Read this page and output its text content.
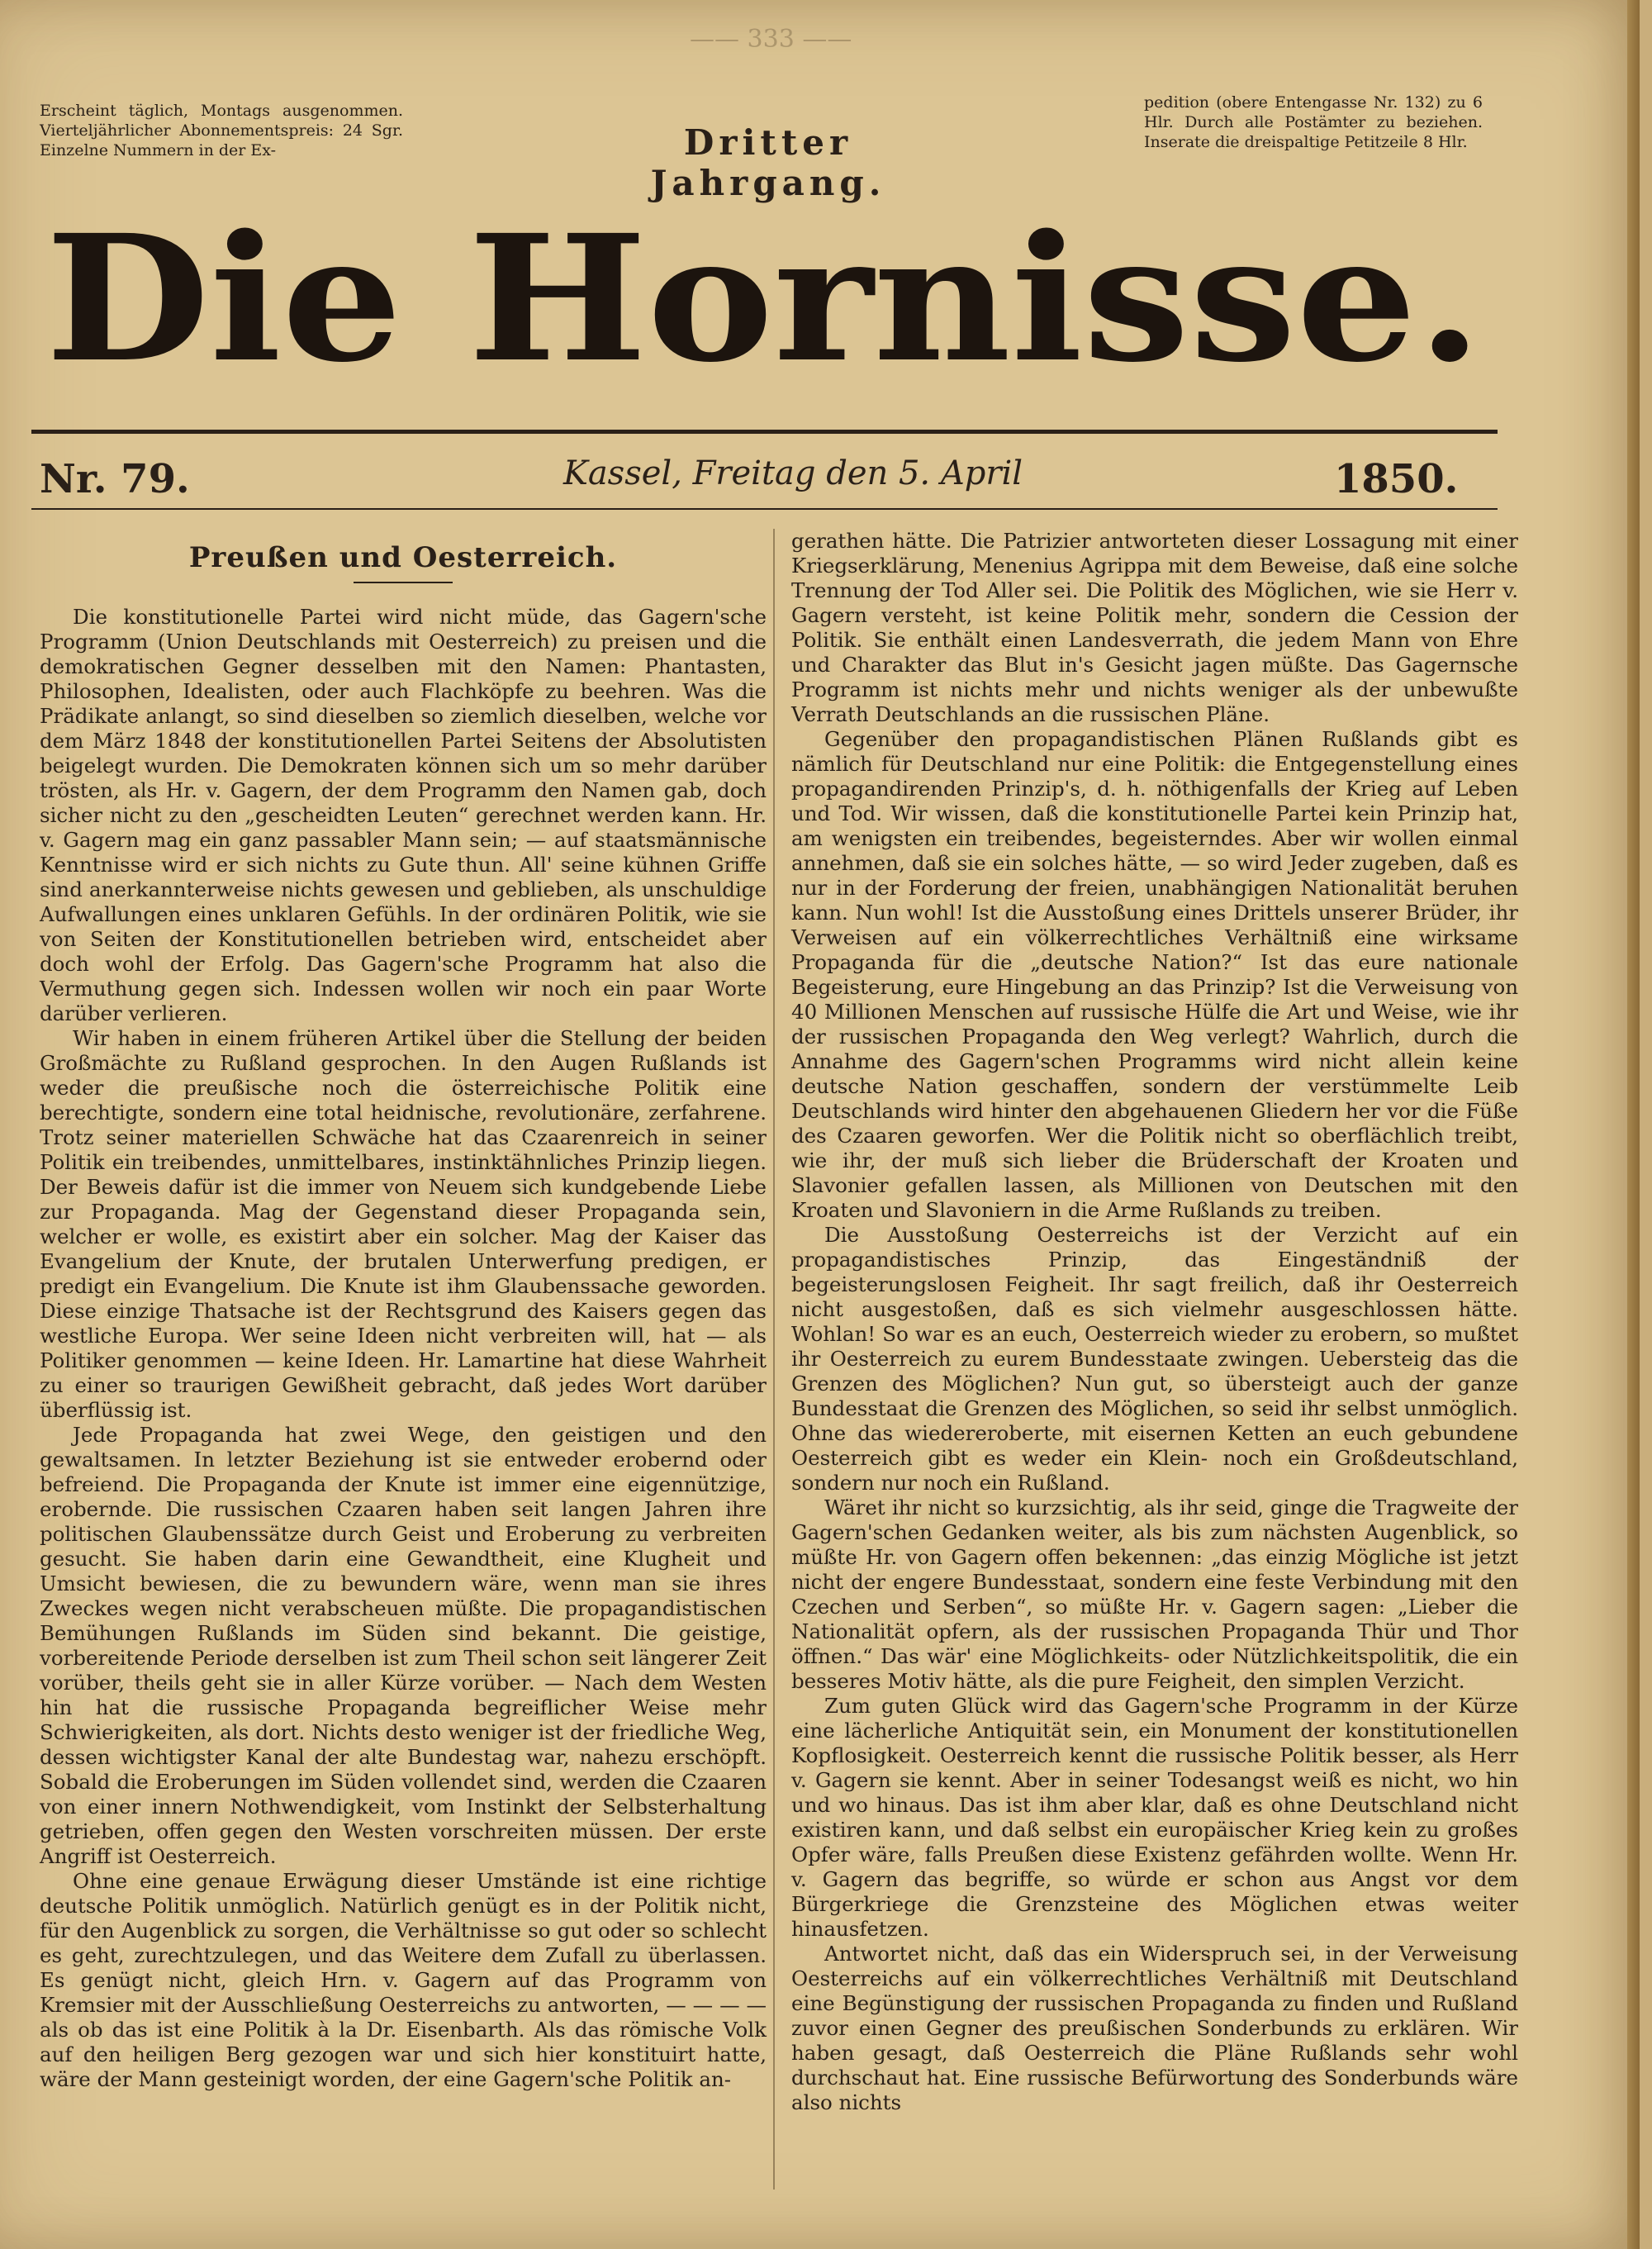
—— 333 ——
Erscheint täglich, Montags ausgenommen. Vierteljährlicher Abonnementspreis: 24 Sgr. Einzelne Nummern in der Ex-	Dritter Jahrgang.
pedition (obere Entengasse Nr. 132) zu 6 Hlr. Durch alle Postämter zu beziehen. Inserate die dreispaltige Petitzeile 8 Hlr.
Die Hornisse.
Nr. 79.	Kassel, Freitag den 5. April	1850.
Preußen und Oesterreich.

Die konstitutionelle Partei wird nicht müde, das Gagern'sche Programm (Union Deutschlands mit Oesterreich) zu preisen und die demokratischen Gegner desselben mit den Namen: Phantasten, Philosophen, Idealisten, oder auch Flachköpfe zu beehren. Was die Prädikate anlangt, so sind dieselben so ziemlich dieselben, welche vor dem März 1848 der konstitutionellen Partei Seitens der Absolutisten beigelegt wurden. Die Demokraten können sich um so mehr darüber trösten, als Hr. v. Gagern, der dem Programm den Namen gab, doch sicher nicht zu den „gescheidten Leuten“ gerechnet werden kann. Hr. v. Gagern mag ein ganz passabler Mann sein; — auf staatsmännische Kenntnisse wird er sich nichts zu Gute thun. All' seine kühnen Griffe sind anerkannterweise nichts gewesen und geblieben, als unschuldige Aufwallungen eines unklaren Gefühls. In der ordinären Politik, wie sie von Seiten der Konstitutionellen betrieben wird, entscheidet aber doch wohl der Erfolg. Das Gagern'sche Programm hat also die Vermuthung gegen sich. Indessen wollen wir noch ein paar Worte darüber verlieren.

Wir haben in einem früheren Artikel über die Stellung der beiden Großmächte zu Rußland gesprochen. In den Augen Rußlands ist weder die preußische noch die österreichische Politik eine berechtigte, sondern eine total heidnische, revolutionäre, zerfahrene. Trotz seiner materiellen Schwäche hat das Czaarenreich in seiner Politik ein treibendes, unmittelbares, instinktähnliches Prinzip liegen. Der Beweis dafür ist die immer von Neuem sich kundgebende Liebe zur Propaganda. Mag der Gegenstand dieser Propaganda sein, welcher er wolle, es existirt aber ein solcher. Mag der Kaiser das Evangelium der Knute, der brutalen Unterwerfung predigen, er predigt ein Evangelium. Die Knute ist ihm Glaubenssache geworden. Diese einzige Thatsache ist der Rechtsgrund des Kaisers gegen das westliche Europa. Wer seine Ideen nicht verbreiten will, hat — als Politiker genommen — keine Ideen. Hr. Lamartine hat diese Wahrheit zu einer so traurigen Gewißheit gebracht, daß jedes Wort darüber überflüssig ist.

Jede Propaganda hat zwei Wege, den geistigen und den gewaltsamen. In letzter Beziehung ist sie entweder erobernd oder befreiend. Die Propaganda der Knute ist immer eine eigennützige, erobernde. Die russischen Czaaren haben seit langen Jahren ihre politischen Glaubenssätze durch Geist und Eroberung zu verbreiten gesucht. Sie haben darin eine Gewandtheit, eine Klugheit und Umsicht bewiesen, die zu bewundern wäre, wenn man sie ihres Zweckes wegen nicht verabscheuen müßte. Die propagandistischen Bemühungen Rußlands im Süden sind bekannt. Die geistige, vorbereitende Periode derselben ist zum Theil schon seit längerer Zeit vorüber, theils geht sie in aller Kürze vorüber. — Nach dem Westen hin hat die russische Propaganda begreiflicher Weise mehr Schwierigkeiten, als dort. Nichts desto weniger ist der friedliche Weg, dessen wichtigster Kanal der alte Bundestag war, nahezu erschöpft. Sobald die Eroberungen im Süden vollendet sind, werden die Czaaren von einer innern Nothwendigkeit, vom Instinkt der Selbsterhaltung getrieben, offen gegen den Westen vorschreiten müssen. Der erste Angriff ist Oesterreich.

Ohne eine genaue Erwägung dieser Umstände ist eine richtige deutsche Politik unmöglich. Natürlich genügt es in der Politik nicht, für den Augenblick zu sorgen, die Verhältnisse so gut oder so schlecht es geht, zurechtzulegen, und das Weitere dem Zufall zu überlassen. Es genügt nicht, gleich Hrn. v. Gagern auf das Programm von Kremsier mit der Ausschließung Oesterreichs zu antworten, — — — — als ob das ist eine Politik à la Dr. Eisenbarth. Als das römische Volk auf den heiligen Berg gezogen war und sich hier konstituirt hatte, wäre der Mann gesteinigt worden, der eine Gagern'sche Politik an-

gerathen hätte. Die Patrizier antworteten dieser Lossagung mit einer Kriegserklärung, Menenius Agrippa mit dem Beweise, daß eine solche Trennung der Tod Aller sei. Die Politik des Möglichen, wie sie Herr v. Gagern versteht, ist keine Politik mehr, sondern die Cession der Politik. Sie enthält einen Landesverrath, die jedem Mann von Ehre und Charakter das Blut in's Gesicht jagen müßte. Das Gagernsche Programm ist nichts mehr und nichts weniger als der unbewußte Verrath Deutschlands an die russischen Pläne.

Gegenüber den propagandistischen Plänen Rußlands gibt es nämlich für Deutschland nur eine Politik: die Entgegenstellung eines propagandirenden Prinzip's, d. h. nöthigenfalls der Krieg auf Leben und Tod. Wir wissen, daß die konstitutionelle Partei kein Prinzip hat, am wenigsten ein treibendes, begeisterndes. Aber wir wollen einmal annehmen, daß sie ein solches hätte, — so wird Jeder zugeben, daß es nur in der Forderung der freien, unabhängigen Nationalität beruhen kann. Nun wohl! Ist die Ausstoßung eines Drittels unserer Brüder, ihr Verweisen auf ein völkerrechtliches Verhältniß eine wirksame Propaganda für die „deutsche Nation?“ Ist das eure nationale Begeisterung, eure Hingebung an das Prinzip? Ist die Verweisung von 40 Millionen Menschen auf russische Hülfe die Art und Weise, wie ihr der russischen Propaganda den Weg verlegt? Wahrlich, durch die Annahme des Gagern'schen Programms wird nicht allein keine deutsche Nation geschaffen, sondern der verstümmelte Leib Deutschlands wird hinter den abgehauenen Gliedern her vor die Füße des Czaaren geworfen. Wer die Politik nicht so oberflächlich treibt, wie ihr, der muß sich lieber die Brüderschaft der Kroaten und Slavonier gefallen lassen, als Millionen von Deutschen mit den Kroaten und Slavoniern in die Arme Rußlands zu treiben.

Die Ausstoßung Oesterreichs ist der Verzicht auf ein propagandistisches Prinzip, das Eingeständniß der begeisterungslosen Feigheit. Ihr sagt freilich, daß ihr Oesterreich nicht ausgestoßen, daß es sich vielmehr ausgeschlossen hätte. Wohlan! So war es an euch, Oesterreich wieder zu erobern, so mußtet ihr Oesterreich zu eurem Bundesstaate zwingen. Uebersteig das die Grenzen des Möglichen? Nun gut, so übersteigt auch der ganze Bundesstaat die Grenzen des Möglichen, so seid ihr selbst unmöglich. Ohne das wiedereroberte, mit eisernen Ketten an euch gebundene Oesterreich gibt es weder ein Klein- noch ein Großdeutschland, sondern nur noch ein Rußland.

Wäret ihr nicht so kurzsichtig, als ihr seid, ginge die Tragweite der Gagern'schen Gedanken weiter, als bis zum nächsten Augenblick, so müßte Hr. von Gagern offen bekennen: „das einzig Mögliche ist jetzt nicht der engere Bundesstaat, sondern eine feste Verbindung mit den Czechen und Serben“, so müßte Hr. v. Gagern sagen: „Lieber die Nationalität opfern, als der russischen Propaganda Thür und Thor öffnen.“ Das wär' eine Möglichkeits- oder Nützlichkeitspolitik, die ein besseres Motiv hätte, als die pure Feigheit, den simplen Verzicht.

Zum guten Glück wird das Gagern'sche Programm in der Kürze eine lächerliche Antiquität sein, ein Monument der konstitutionellen Kopflosigkeit. Oesterreich kennt die russische Politik besser, als Herr v. Gagern sie kennt. Aber in seiner Todesangst weiß es nicht, wo hin und wo hinaus. Das ist ihm aber klar, daß es ohne Deutschland nicht existiren kann, und daß selbst ein europäischer Krieg kein zu großes Opfer wäre, falls Preußen diese Existenz gefährden wollte. Wenn Hr. v. Gagern das begriffe, so würde er schon aus Angst vor dem Bürgerkriege die Grenzsteine des Möglichen etwas weiter hinausfetzen.

Antwortet nicht, daß das ein Widerspruch sei, in der Verweisung Oesterreichs auf ein völkerrechtliches Verhältniß mit Deutschland eine Begünstigung der russischen Propaganda zu finden und Rußland zuvor einen Gegner des preußischen Sonderbunds zu erklären. Wir haben gesagt, daß Oesterreich die Pläne Rußlands sehr wohl durchschaut hat. Eine russische Befürwortung des Sonderbunds wäre also nichts
